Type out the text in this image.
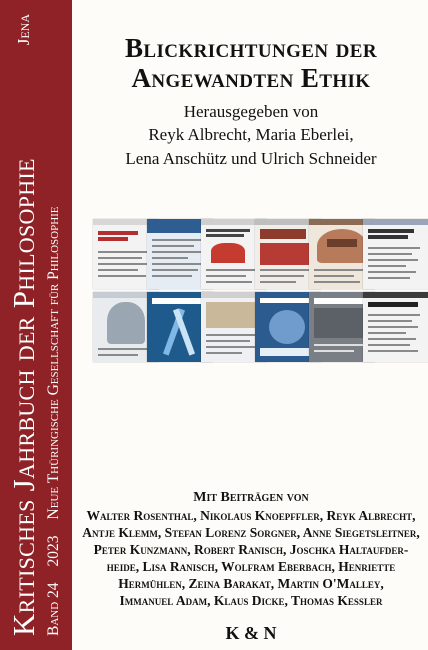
Kritisches Jahrbuch der Philosophie
Jena
Band 24
2023
Neue Thüringische Gesellschaft für Philosophie
Blickrichtungen der
Angewandten Ethik
Herausgegeben von
Reyk Albrecht, Maria Eberlei,
Lena Anschütz und Ulrich Schneider
Mit Beiträgen von
Walter Rosenthal, Nikolaus Knoepffler, Reyk Albrecht,
Antje Klemm, Stefan Lorenz Sorgner, Anne Siegetsleitner,
Peter Kunzmann, Robert Ranisch, Joschka Haltaufder-
heide, Lisa Ranisch, Wolfram Eberbach, Henriette
Hermühlen, Zeina Barakat, Martin O'Malley,
Immanuel Adam, Klaus Dicke, Thomas Kessler
K & N
